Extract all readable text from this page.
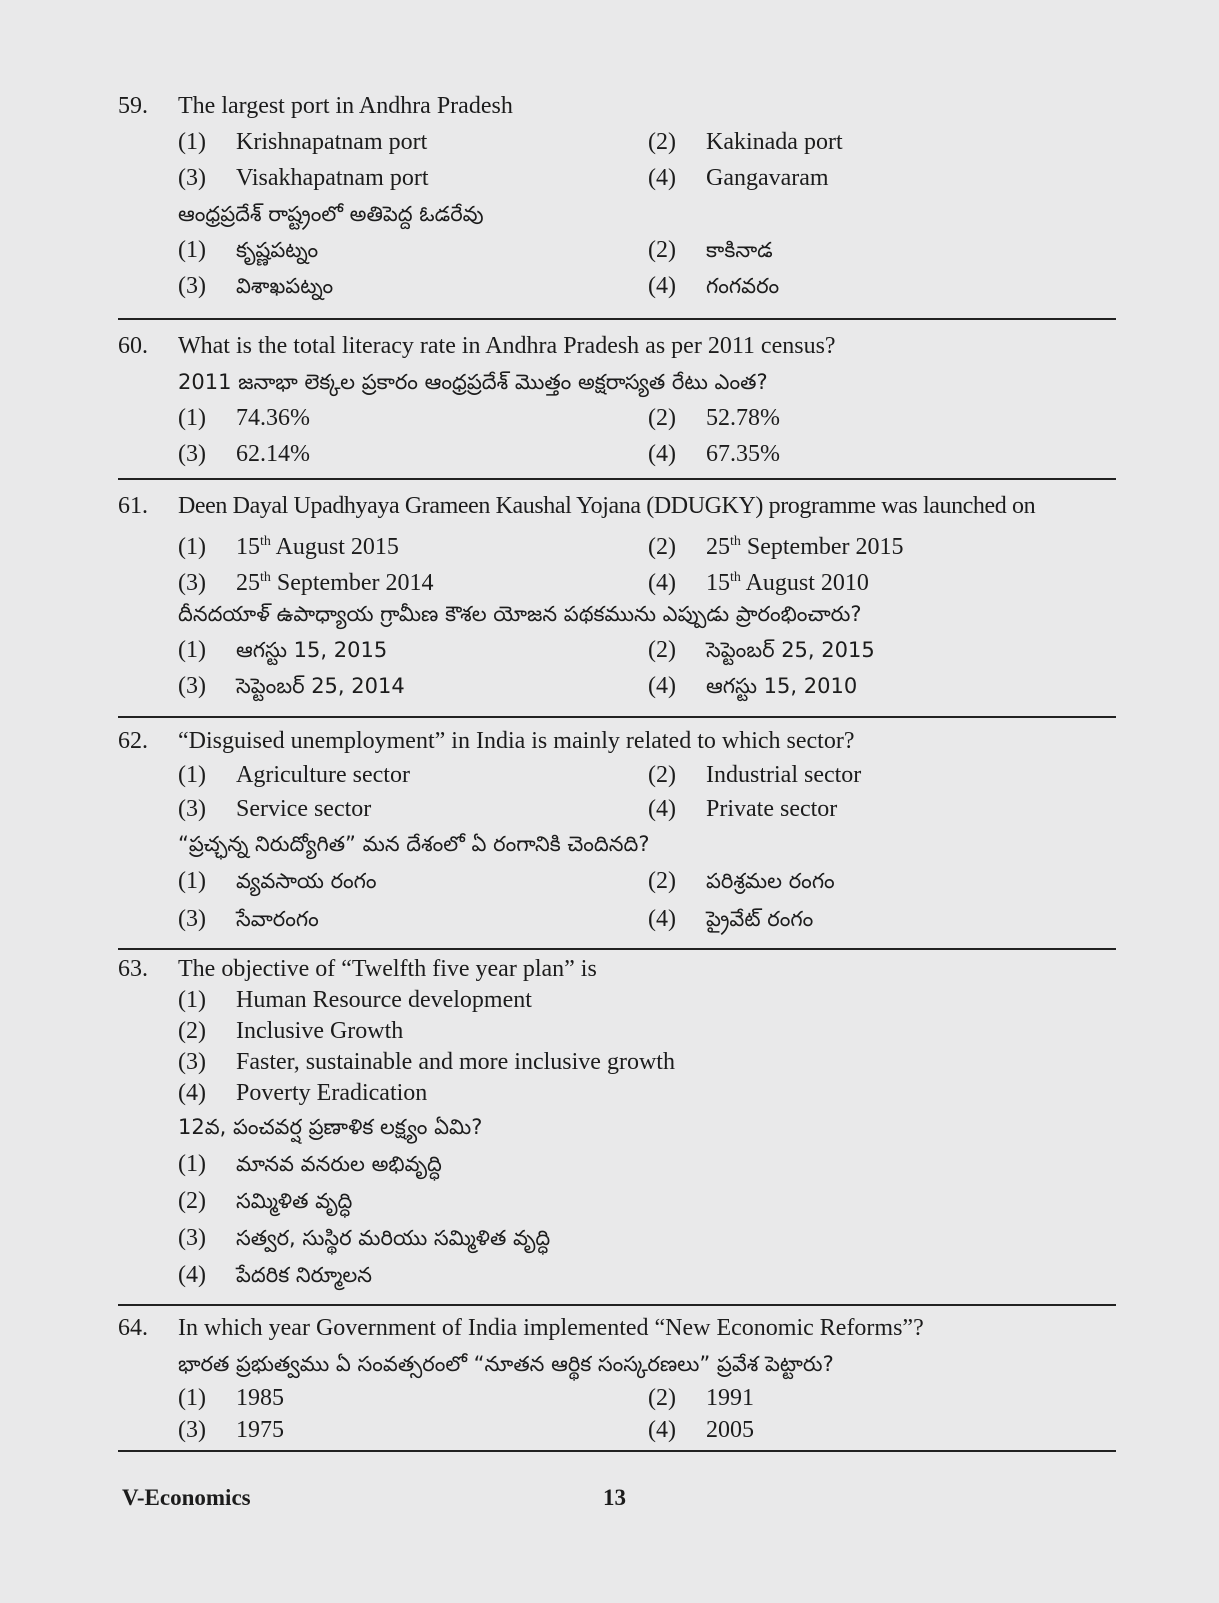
59. The largest port in Andhra Pradesh
(1) Krishnapatnam port	(2) Kakinada port
(3) Visakhapatnam port	(4) Gangavaram
ఆంధ్రప్రదేశ్ రాష్ట్రంలో అతిపెద్ద ఓడరేవు
(1) కృష్ణపట్నం	(2) కాకినాడ
(3) విశాఖపట్నం	(4) గంగవరం
60. What is the total literacy rate in Andhra Pradesh as per 2011 census?
2011 జనాభా లెక్కల ప్రకారం ఆంధ్రప్రదేశ్ మొత్తం అక్షరాస్యత రేటు ఎంత?
(1) 74.36%	(2) 52.78%
(3) 62.14%	(4) 67.35%
61. Deen Dayal Upadhyaya Grameen Kaushal Yojana (DDUGKY) programme was launched on
(1) 15th August 2015	(2) 25th September 2015
(3) 25th September 2014	(4) 15th August 2010
దీనదయాళ్ ఉపాధ్యాయ గ్రామీణ కౌశల యోజన పథకమును ఎప్పుడు ప్రారంభించారు?
(1) ఆగస్టు 15, 2015	(2) సెప్టెంబర్ 25, 2015
(3) సెప్టెంబర్ 25, 2014	(4) ఆగస్టు 15, 2010
62. “Disguised unemployment” in India is mainly related to which sector?
(1) Agriculture sector	(2) Industrial sector
(3) Service sector	(4) Private sector
“ప్రచ్ఛన్న నిరుద్యోగిత” మన దేశంలో ఏ రంగానికి చెందినది?
(1) వ్యవసాయ రంగం	(2) పరిశ్రమల రంగం
(3) సేవారంగం	(4) ప్రైవేట్ రంగం
63. The objective of “Twelfth five year plan” is
(1) Human Resource development
(2) Inclusive Growth
(3) Faster, sustainable and more inclusive growth
(4) Poverty Eradication
12వ, పంచవర్ష ప్రణాళిక లక్ష్యం ఏమి?
(1) మానవ వనరుల అభివృద్ధి
(2) సమ్మిళిత వృద్ధి
(3) సత్వర, సుస్థిర మరియు సమ్మిళిత వృద్ధి
(4) పేదరిక నిర్మూలన
64. In which year Government of India implemented “New Economic Reforms”?
భారత ప్రభుత్వము ఏ సంవత్సరంలో “నూతన ఆర్థిక సంస్కరణలు” ప్రవేశ పెట్టారు?
(1) 1985	(2) 1991
(3) 1975	(4) 2005
V-Economics	13
